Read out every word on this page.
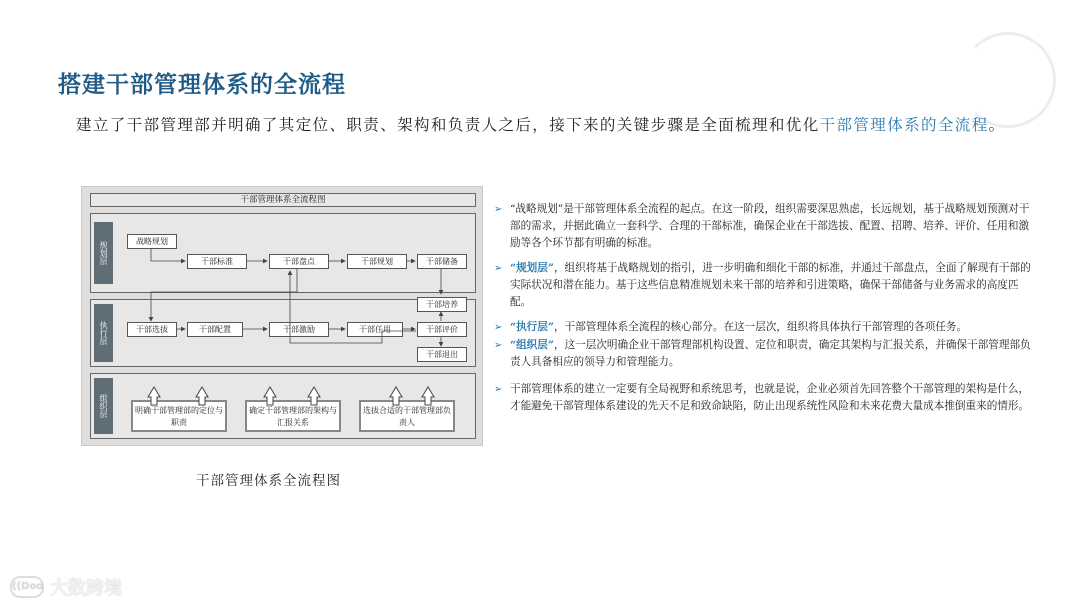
搭建干部管理体系的全流程

建立了干部管理部并明确了其定位、职责、架构和负责人之后，接下来的关键步骤是全面梳理和优化干部管理体系的全流程。

干部管理体系全流程图
规划层	战略规划
干部标准	干部盘点	干部规划	干部储备
执行层
干部培养
干部选拔	干部配置	干部激励	干部任用	干部评价
干部退出
组织层	明确干部管理部的定位与职责
确定干部管理部的架构与汇报关系
选拔合适的干部管理部负责人
干部管理体系全流程图
➢ “战略规划”是干部管理体系全流程的起点。在这一阶段，组织需要深思熟虑，长远规划，基于战略规划预测对干部的需求，并据此确立一套科学、合理的干部标准，确保企业在干部选拔、配置、招聘、培养、评价、任用和激励等各个环节都有明确的标准。
➢ “规划层”，组织将基于战略规划的指引，进一步明确和细化干部的标准，并通过干部盘点，全面了解现有干部的实际状况和潜在能力。基于这些信息精准规划未来干部的培养和引进策略，确保干部储备与业务需求的高度匹配。
➢ “执行层”，干部管理体系全流程的核心部分。在这一层次，组织将具体执行干部管理的各项任务。
➢ “组织层”，这一层次明确企业干部管理部机构设置、定位和职责，确定其架构与汇报关系，并确保干部管理部负责人具备相应的领导力和管理能力。
➢ 干部管理体系的建立一定要有全局视野和系统思考，也就是说，企业必须首先回答整个干部管理的架构是什么，才能避免干部管理体系建设的先天不足和致命缺陷，防止出现系统性风险和未来花费大量成本推倒重来的情形。
((Doo 大数跨境
